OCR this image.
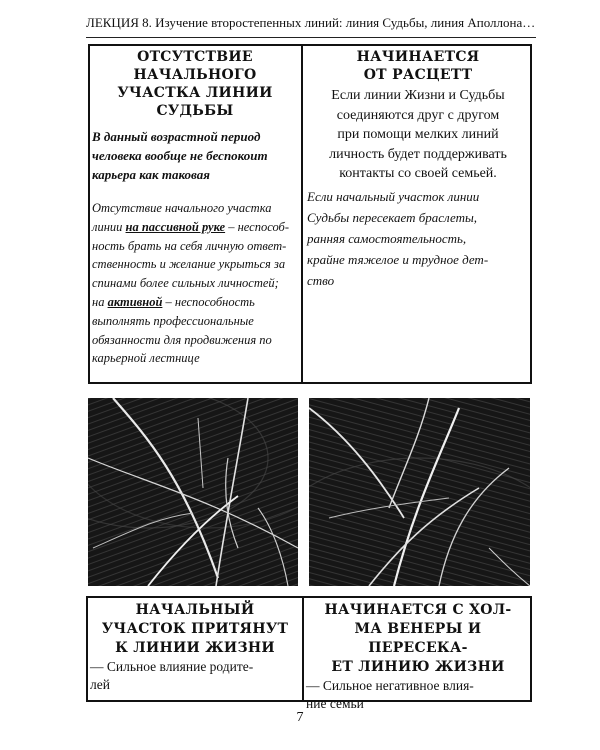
ЛЕКЦИЯ 8. Изучение второстепенных линий: линия Судьбы, линия Аполлона…
ОТСУТСТВИЕ
НАЧАЛЬНОГО
УЧАСТКА ЛИНИИ
СУДЬБЫ
В данный возрастной период
человека вообще не беспокоит
карьера как таковая
Отсутствие начального участка
линии на пассивной руке – неспособ-
ность брать на себя личную ответ-
ственность и желание укрыться за
спинами более сильных личностей;
на активной – неспособность
выполнять профессиональные
обязанности для продвижения по
карьерной лестнице
НАЧИНАЕТСЯ
ОТ РАСЦЕТТ
Если линии Жизни и Судьбы
соединяются друг с другом
при помощи мелких линий
личность будет поддерживать
контакты со своей семьей.
Если начальный участок линии
Судьбы пересекает браслеты,
ранняя самостоятельность,
крайне тяжелое и трудное дет-
ство
НАЧАЛЬНЫЙ
УЧАСТОК ПРИТЯНУТ
К ЛИНИИ ЖИЗНИ
— Сильное влияние родите-
лей
НАЧИНАЕТСЯ С ХОЛ-
МА ВЕНЕРЫ И ПЕРЕСЕКА-
ЕТ ЛИНИЮ ЖИЗНИ
— Сильное негативное влия-
ние семьи
7
